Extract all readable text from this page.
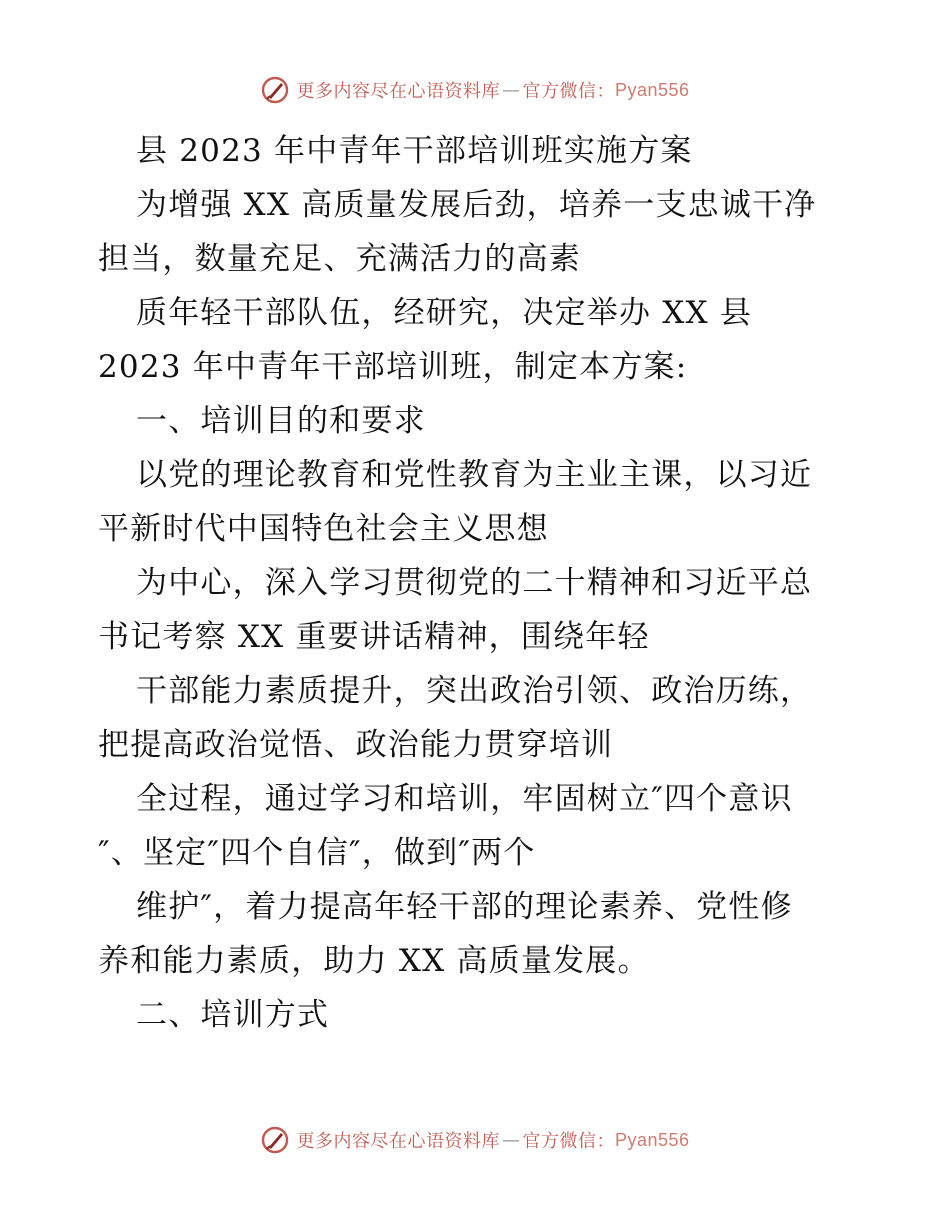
更多内容尽在心语资料库 — 官方微信： Pyan556
县 2023 年中青年干部培训班实施方案
为增强 XX 高质量发展后劲，培养一支忠诚干净
担当，数量充足、充满活力的高素
质年轻干部队伍，经研究，决定举办 XX 县
2023 年中青年干部培训班，制定本方案:
一、培训目的和要求
以党的理论教育和党性教育为主业主课，以习近
平新时代中国特色社会主义思想
为中心，深入学习贯彻党的二十精神和习近平总
书记考察 XX 重要讲话精神，围绕年轻
干部能力素质提升，突出政治引领、政治历练，
把提高政治觉悟、政治能力贯穿培训
全过程，通过学习和培训，牢固树立″四个意识
″、坚定″四个自信″，做到″两个
维护″，着力提高年轻干部的理论素养、党性修
养和能力素质，助力 XX 高质量发展。
二、培训方式
更多内容尽在心语资料库 — 官方微信： Pyan556
